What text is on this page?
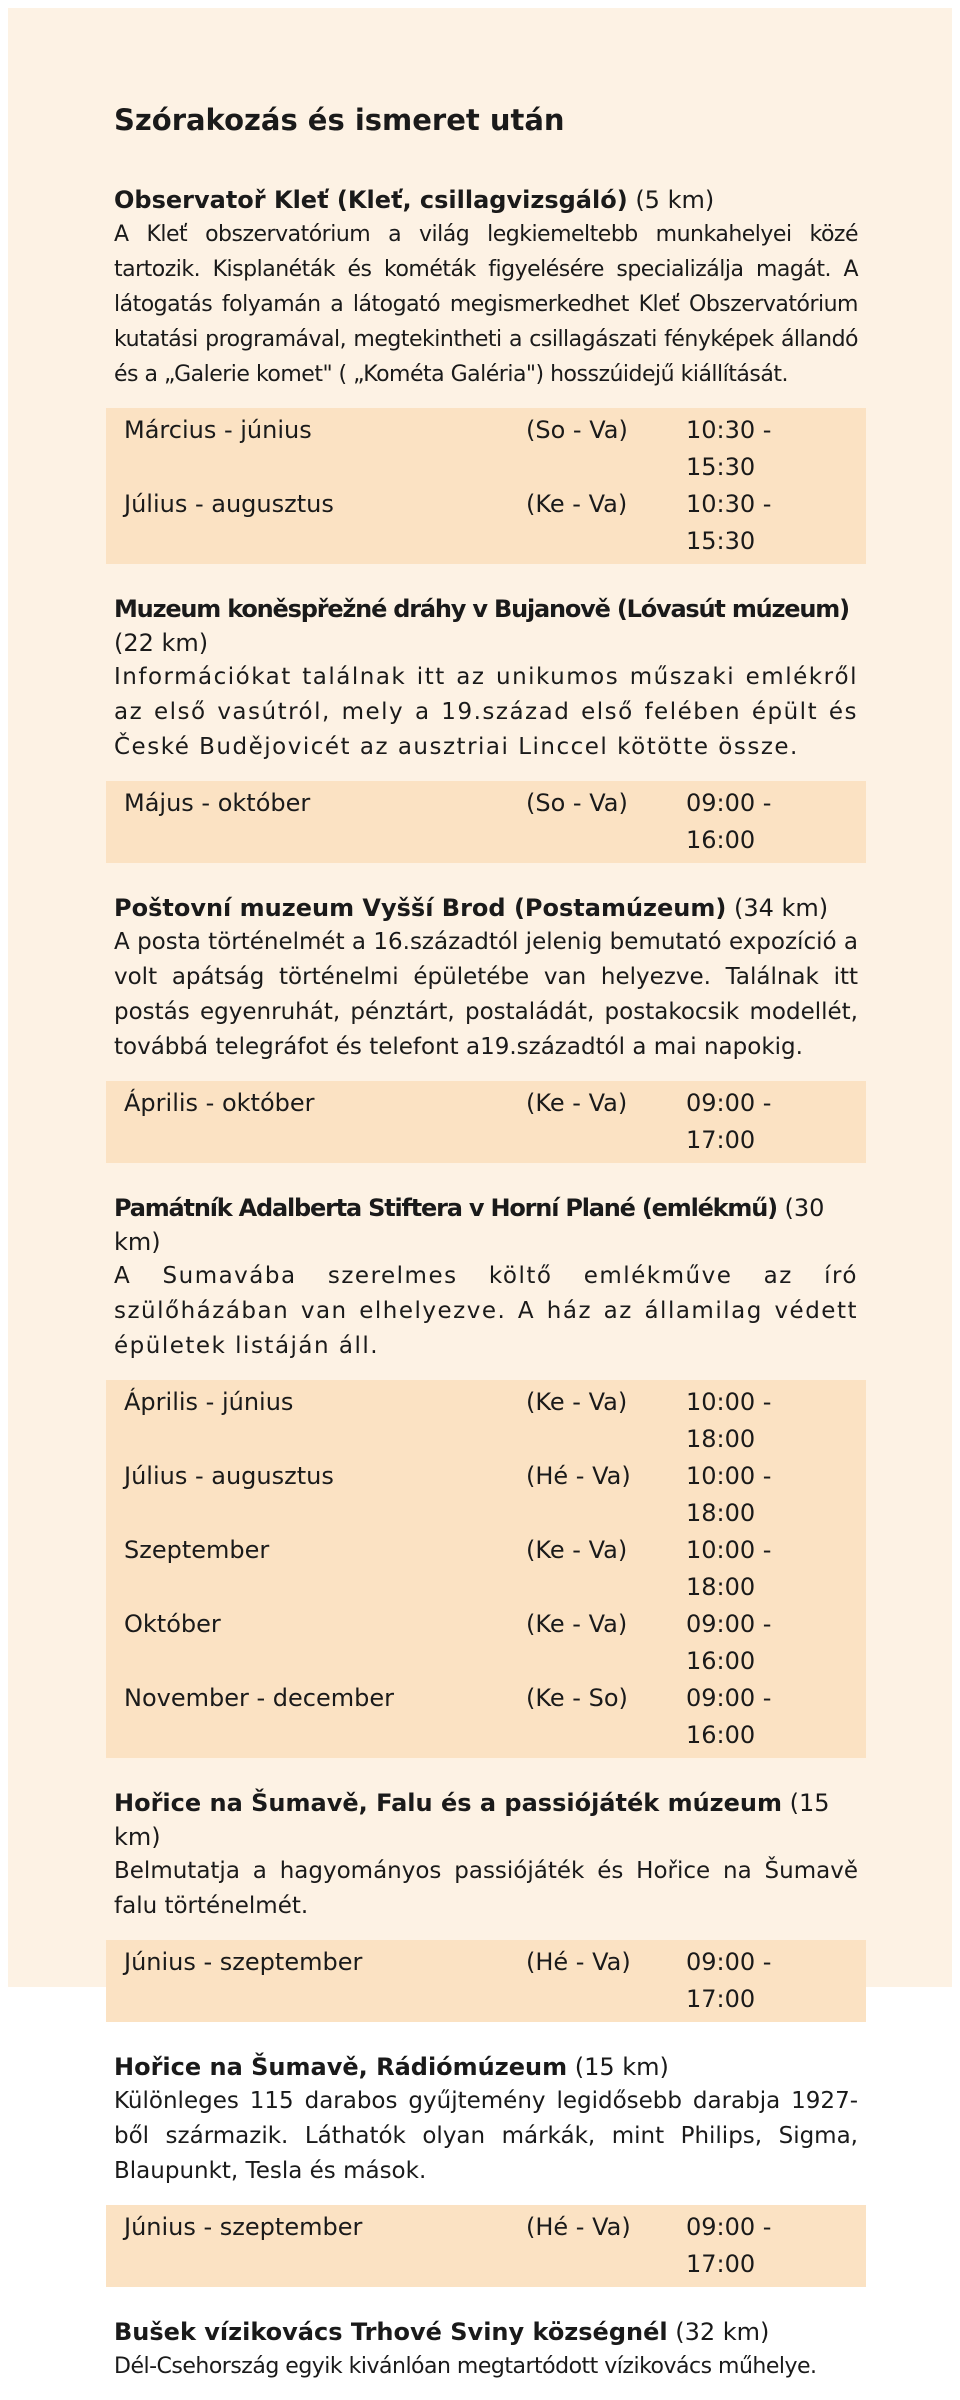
Szórakozás és ismeret után
Observatoř Kleť (Kleť, csillagvizsgáló) (5 km)
A Kleť obszervatórium a világ legkiemeltebb munkahelyei közé tartozik. Kisplanéták és kométák figyelésére specializálja magát. A látogatás folyamán a látogató megismerkedhet Kleť Obszervatórium kutatási programával, megtekintheti a csillagászati fényképek állandó és a „Galerie komet" ( „Kométa Galéria") hosszúidejű kiállítását.
Március - június	(So - Va)	10:30 - 15:30
Július - augusztus	(Ke - Va)	10:30 - 15:30
Muzeum koněspřežné dráhy v Bujanově (Lóvasút múzeum) (22 km)
Információkat találnak itt az unikumos műszaki emlékről az első vasútról, mely a 19.század első felében épült és České Budějovicét az ausztriai Linccel kötötte össze.
Május - október	(So - Va)	09:00 - 16:00
Poštovní muzeum Vyšší Brod (Postamúzeum) (34 km)
A posta történelmét a 16.századtól jelenig bemutató expozíció a volt apátság történelmi épületébe van helyezve. Találnak itt postás egyenruhát, pénztárt, postaládát, postakocsik modellét, továbbá telegráfot és telefont a19.századtól a mai napokig.
Április - október	(Ke - Va)	09:00 - 17:00
Památník Adalberta Stiftera v Horní Plané (emlékmű) (30 km)
A Sumavába szerelmes költő emlékműve az író szülőházában van elhelyezve. A ház az államilag védett épületek listáján áll.
Április - június	(Ke - Va)	10:00 - 18:00
Július - augusztus	(Hé - Va)	10:00 - 18:00
Szeptember	(Ke - Va)	10:00 - 18:00
Október	(Ke - Va)	09:00 - 16:00
November - december	(Ke - So)	09:00 - 16:00
Hořice na Šumavě, Falu és a passiójáték múzeum (15 km)
Belmutatja a hagyományos passiójáték és Hořice na Šumavě falu történelmét.
Június - szeptember	(Hé - Va)	09:00 - 17:00
Hořice na Šumavě, Rádiómúzeum (15 km)
Különleges 115 darabos gyűjtemény legidősebb darabja 1927-ből származik. Láthatók olyan márkák, mint Philips, Sigma, Blaupunkt, Tesla és mások.
Június - szeptember	(Hé - Va)	09:00 - 17:00
Bušek vízikovács Trhové Sviny községnél (32 km)
Dél-Csehország egyik kivánlóan megtartódott vízikovács műhelye.
